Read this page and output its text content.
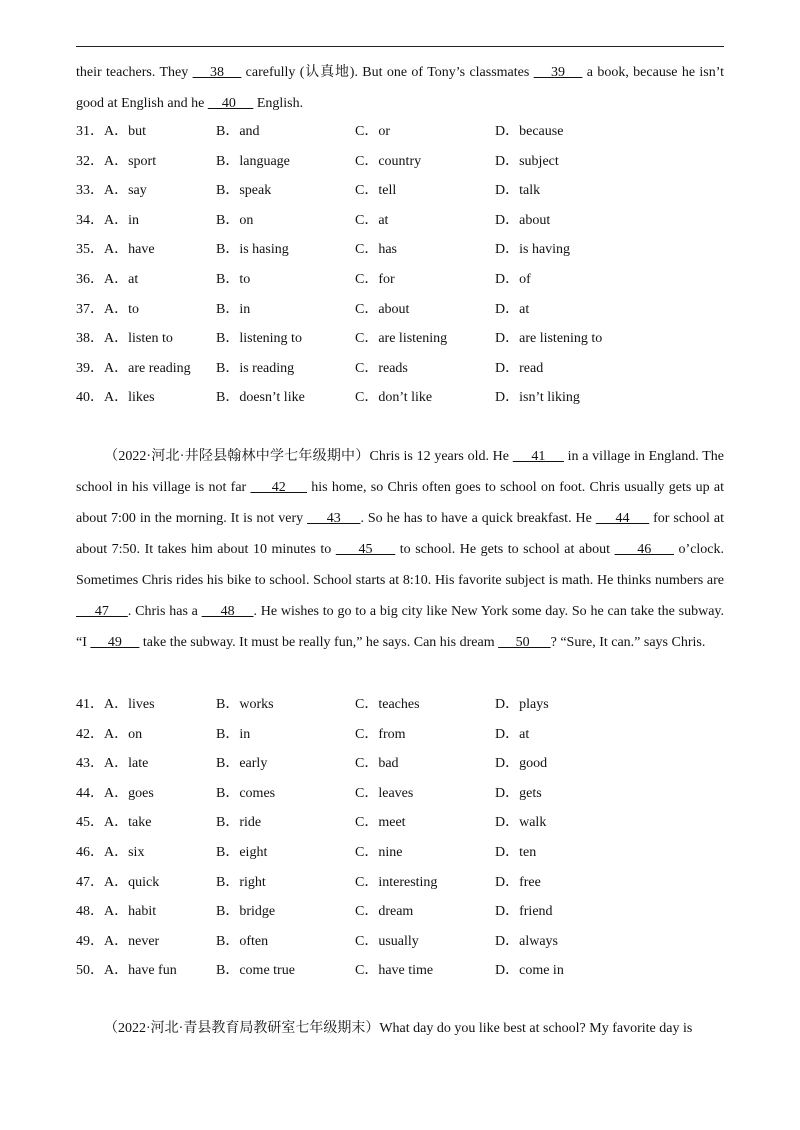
their teachers. They     38     carefully (认真地). But one of Tony’s classmates     39     a book, because he isn’t good at English and he     40      English.

31． A．but	B．and	C．or	D．because
32． A．sport	B．language	C．country	D．subject
33． A．say	B．speak	C．tell	D．talk
34． A．in	B．on	C．at	D．about
35． A．have	B．is hasing	C．has	D．is having
36． A．at	B．to	C．for	D．of
37． A．to	B．in	C．about	D．at
38． A．listen to	B．listening to	C．are listening	D．are listening to
39． A．are reading B．is reading	C．reads	D．read
40． A．likes	B．doesn’t like	C．don’t like	D．isn’t liking

（2022·河北·井陉县翰林中学七年级期中）Chris is 12 years old. He      41      in a village in England. The school in his village is not far      42      his home, so Chris often goes to school on foot. Chris usually gets up at about 7:00 in the morning. It is not very      43     . So he has to have a quick breakfast. He      44      for school at about 7:50. It takes him about 10 minutes to      45      to school. He gets to school at about      46      o’clock. Sometimes Chris rides his bike to school. School starts at 8:10. His favorite subject is math. He thinks numbers are      47     . Chris has a      48     . He wishes to go to a big city like New York some day. So he can take the subway. “I      49      take the subway. It must be really fun,” he says. Can his dream      50      ? “Sure, It can.” says Chris.

41． A．lives	B．works	C．teaches	D．plays
42． A．on	B．in	C．from	D．at
43． A．late	B．early	C．bad	D．good
44． A．goes	B．comes	C．leaves	D．gets
45． A．take	B．ride	C．meet	D．walk
46． A．six	B．eight	C．nine	D．ten
47． A．quick	B．right	C．interesting	D．free
48． A．habit	B．bridge	C．dream	D．friend
49． A．never	B．often	C．usually	D．always
50． A．have fun	B．come true	C．have time	D．come in

（2022·河北·青县教育局教研室七年级期末）What day do you like best at school? My favorite day is
